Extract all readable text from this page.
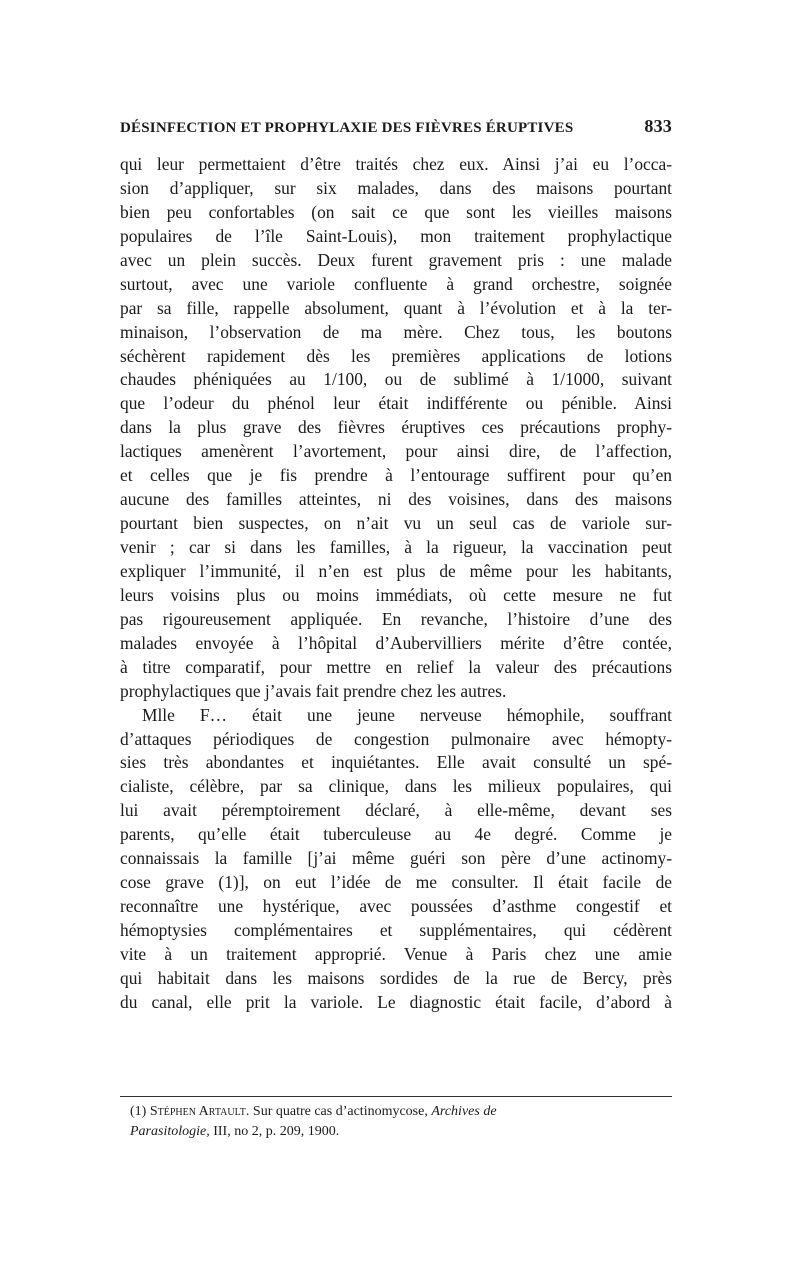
DÉSINFECTION ET PROPHYLAXIE DES FIÈVRES ÉRUPTIVES	833
qui leur permettaient d’être traités chez eux. Ainsi j’ai eu l’occa-
sion d’appliquer, sur six malades, dans des maisons pourtant
bien peu confortables (on sait ce que sont les vieilles maisons
populaires de l’île Saint-Louis), mon traitement prophylactique
avec un plein succès. Deux furent gravement pris : une malade
surtout, avec une variole confluente à grand orchestre, soignée
par sa fille, rappelle absolument, quant à l’évolution et à la ter-
minaison, l’observation de ma mère. Chez tous, les boutons
séchèrent rapidement dès les premières applications de lotions
chaudes phéniquées au 1/100, ou de sublimé à 1/1000, suivant
que l’odeur du phénol leur était indifférente ou pénible. Ainsi
dans la plus grave des fièvres éruptives ces précautions prophy-
lactiques amenèrent l’avortement, pour ainsi dire, de l’affection,
et celles que je fis prendre à l’entourage suffirent pour qu’en
aucune des familles atteintes, ni des voisines, dans des maisons
pourtant bien suspectes, on n’ait vu un seul cas de variole sur-
venir ; car si dans les familles, à la rigueur, la vaccination peut
expliquer l’immunité, il n’en est plus de même pour les habitants,
leurs voisins plus ou moins immédiats, où cette mesure ne fut
pas rigoureusement appliquée. En revanche, l’histoire d’une des
malades envoyée à l’hôpital d’Aubervilliers mérite d’être contée,
à titre comparatif, pour mettre en relief la valeur des précautions
prophylactiques que j’avais fait prendre chez les autres.
Mlle F… était une jeune nerveuse hémophile, souffrant
d’attaques périodiques de congestion pulmonaire avec hémopty-
sies très abondantes et inquiétantes. Elle avait consulté un spé-
cialiste, célèbre, par sa clinique, dans les milieux populaires, qui
lui avait péremptoirement déclaré, à elle-même, devant ses
parents, qu’elle était tuberculeuse au 4e degré. Comme je
connaissais la famille [j’ai même guéri son père d’une actinomy-
cose grave (1)], on eut l’idée de me consulter. Il était facile de
reconnaître une hystérique, avec poussées d’asthme congestif et
hémoptysies complémentaires et supplémentaires, qui cédèrent
vite à un traitement approprié. Venue à Paris chez une amie
qui habitait dans les maisons sordides de la rue de Bercy, près
du canal, elle prit la variole. Le diagnostic était facile, d’abord à
(1) Stéphen Artault. Sur quatre cas d’actinomycose, Archives de
Parasitologie, III, no 2, p. 209, 1900.
